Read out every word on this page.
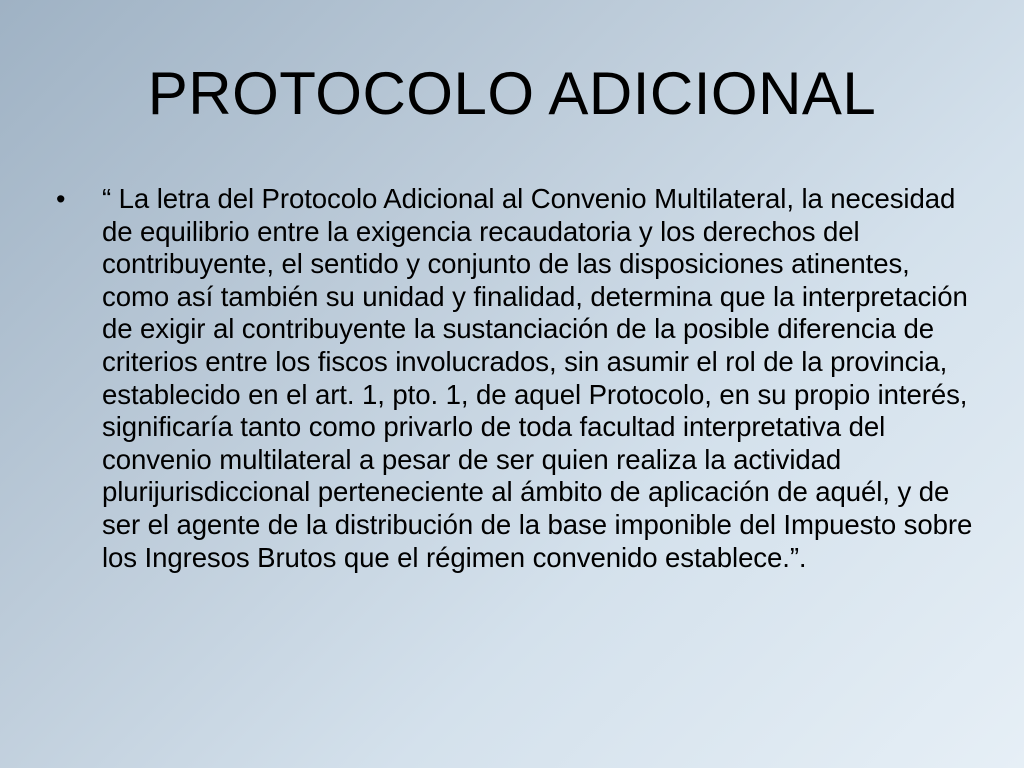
PROTOCOLO ADICIONAL
• “ La letra del Protocolo Adicional al Convenio Multilateral, la necesidad de equilibrio entre la exigencia recaudatoria y los derechos del contribuyente, el sentido y conjunto de las disposiciones atinentes, como así también su unidad y finalidad, determina que la interpretación de exigir al contribuyente la sustanciación de la posible diferencia de criterios entre los fiscos involucrados, sin asumir el rol de la provincia, establecido en el art. 1, pto. 1, de aquel Protocolo, en su propio interés, significaría tanto como privarlo de toda facultad interpretativa del convenio multilateral a pesar de ser quien realiza la actividad plurijurisdiccional perteneciente al ámbito de aplicación de aquél, y de ser el agente de la distribución de la base imponible del Impuesto sobre los Ingresos Brutos que el régimen convenido establece.”.
